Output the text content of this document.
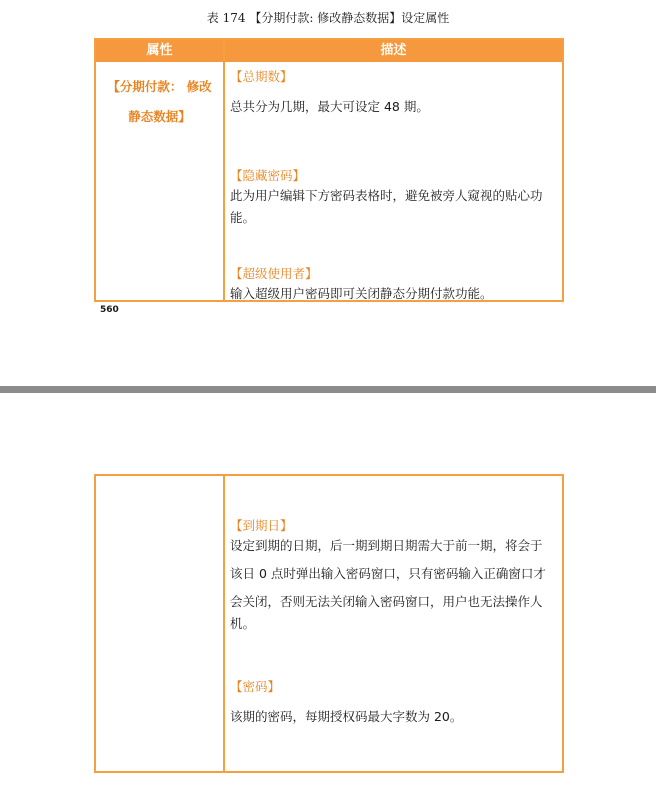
表 174 【分期付款: 修改静态数据】设定属性
属性	描述
【分期付款： 修改
静态数据】
【总期数】
总共分为几期，最大可设定 48 期。
【隐藏密码】
此为用户编辑下方密码表格时，避免被旁人窥视的贴心功
能。
【超级使用者】
输入超级用户密码即可关闭静态分期付款功能。
560
【到期日】
设定到期的日期，后一期到期日期需大于前一期，将会于
该日 0 点时弹出输入密码窗口，只有密码输入正确窗口才
会关闭，否则无法关闭输入密码窗口，用户也无法操作人
机。
【密码】
该期的密码，每期授权码最大字数为 20。
